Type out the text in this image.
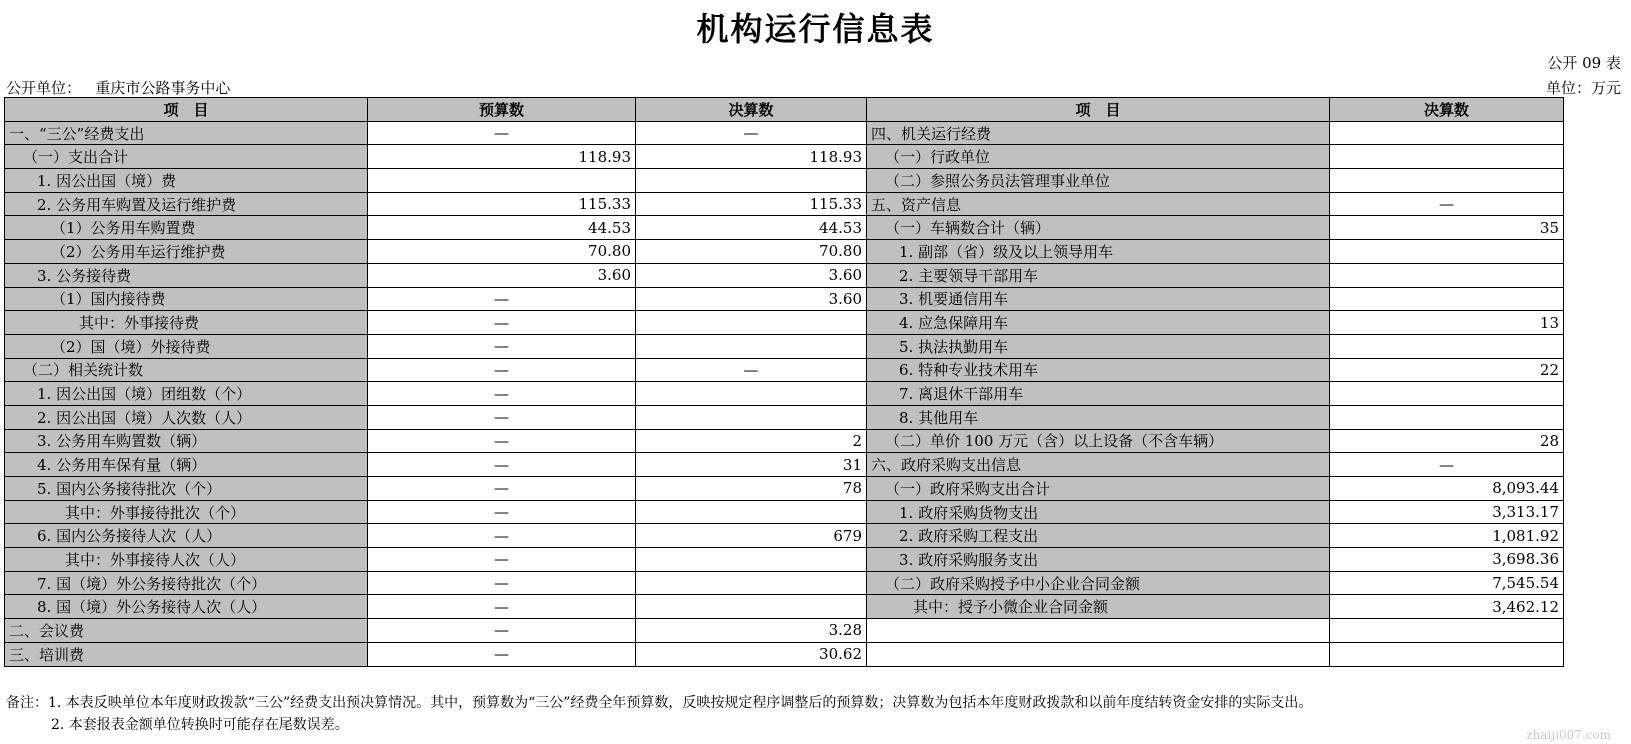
机构运行信息表
公开 09 表
公开单位： 重庆市公路事务中心	单位：万元
项　目	预算数	决算数	项　目	决算数
一、“三公”经费支出	—	—	四、机关运行经费	
（一）支出合计	118.93	118.93	（一）行政单位	
1. 因公出国（境）费			（二）参照公务员法管理事业单位	
2. 公务用车购置及运行维护费	115.33	115.33	五、资产信息	—
（1）公务用车购置费	44.53	44.53	（一）车辆数合计（辆）	35
（2）公务用车运行维护费	70.80	70.80	1. 副部（省）级及以上领导用车	
3. 公务接待费	3.60	3.60	2. 主要领导干部用车	
（1）国内接待费	—	3.60	3. 机要通信用车	
其中：外事接待费	—		4. 应急保障用车	13
（2）国（境）外接待费	—		5. 执法执勤用车	
（二）相关统计数	—	—	6. 特种专业技术用车	22
1. 因公出国（境）团组数（个）	—		7. 离退休干部用车	
2. 因公出国（境）人次数（人）	—		8. 其他用车	
3. 公务用车购置数（辆）	—	2	（二）单价 100 万元（含）以上设备（不含车辆）	28
4. 公务用车保有量（辆）	—	31	六、政府采购支出信息	—
5. 国内公务接待批次（个）	—	78	（一）政府采购支出合计	8,093.44
其中：外事接待批次（个）	—		1. 政府采购货物支出	3,313.17
6. 国内公务接待人次（人）	—	679	2. 政府采购工程支出	1,081.92
其中：外事接待人次（人）	—		3. 政府采购服务支出	3,698.36
7. 国（境）外公务接待批次（个）	—		（二）政府采购授予中小企业合同金额	7,545.54
8. 国（境）外公务接待人次（人）	—		其中：授予小微企业合同金额	3,462.12
二、会议费	—	3.28		
三、培训费	—	30.62		
备注：1. 本表反映单位本年度财政拨款“三公”经费支出预决算情况。其中，预算数为“三公”经费全年预算数，反映按规定程序调整后的预算数；决算数为包括本年度财政拨款和以前年度结转资金安排的实际支出。
2. 本套报表金额单位转换时可能存在尾数误差。
zhaiji007.com
